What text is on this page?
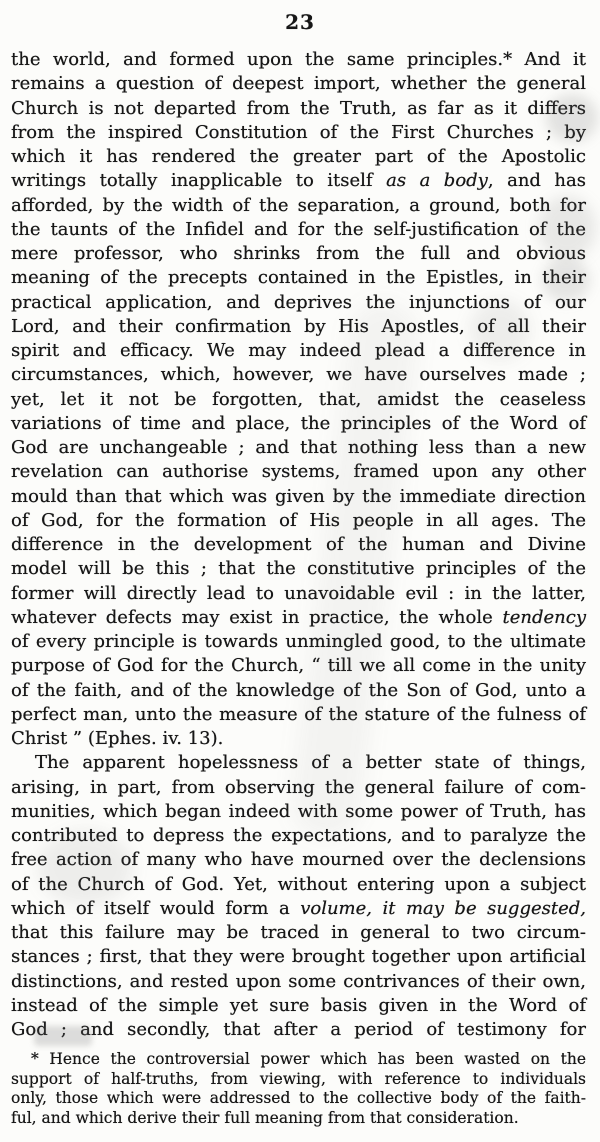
23
the world, and formed upon the same principles.* And it
remains a question of deepest import, whether the general
Church is not departed from the Truth, as far as it differs
from the inspired Constitution of the First Churches ; by
which it has rendered the greater part of the Apostolic
writings totally inapplicable to itself as a body, and has
afforded, by the width of the separation, a ground, both for
the taunts of the Infidel and for the self-justification of the
mere professor, who shrinks from the full and obvious
meaning of the precepts contained in the Epistles, in their
practical application, and deprives the injunctions of our
Lord, and their confirmation by His Apostles, of all their
spirit and efficacy. We may indeed plead a difference in
circumstances, which, however, we have ourselves made ;
yet, let it not be forgotten, that, amidst the ceaseless
variations of time and place, the principles of the Word of
God are unchangeable ; and that nothing less than a new
revelation can authorise systems, framed upon any other
mould than that which was given by the immediate direction
of God, for the formation of His people in all ages. The
difference in the development of the human and Divine
model will be this ; that the constitutive principles of the
former will directly lead to unavoidable evil : in the latter,
whatever defects may exist in practice, the whole tendency
of every principle is towards unmingled good, to the ultimate
purpose of God for the Church, “ till we all come in the unity
of the faith, and of the knowledge of the Son of God, unto a
perfect man, unto the measure of the stature of the fulness of
Christ ” (Ephes. iv. 13).
The apparent hopelessness of a better state of things,
arising, in part, from observing the general failure of com-
munities, which began indeed with some power of Truth, has
contributed to depress the expectations, and to paralyze the
free action of many who have mourned over the declensions
of the Church of God. Yet, without entering upon a subject
which of itself would form a volume, it may be suggested,
that this failure may be traced in general to two circum-
stances ; first, that they were brought together upon artificial
distinctions, and rested upon some contrivances of their own,
instead of the simple yet sure basis given in the Word of
God ; and secondly, that after a period of testimony for
* Hence the controversial power which has been wasted on the
support of half-truths, from viewing, with reference to individuals
only, those which were addressed to the collective body of the faith-
ful, and which derive their full meaning from that consideration.
